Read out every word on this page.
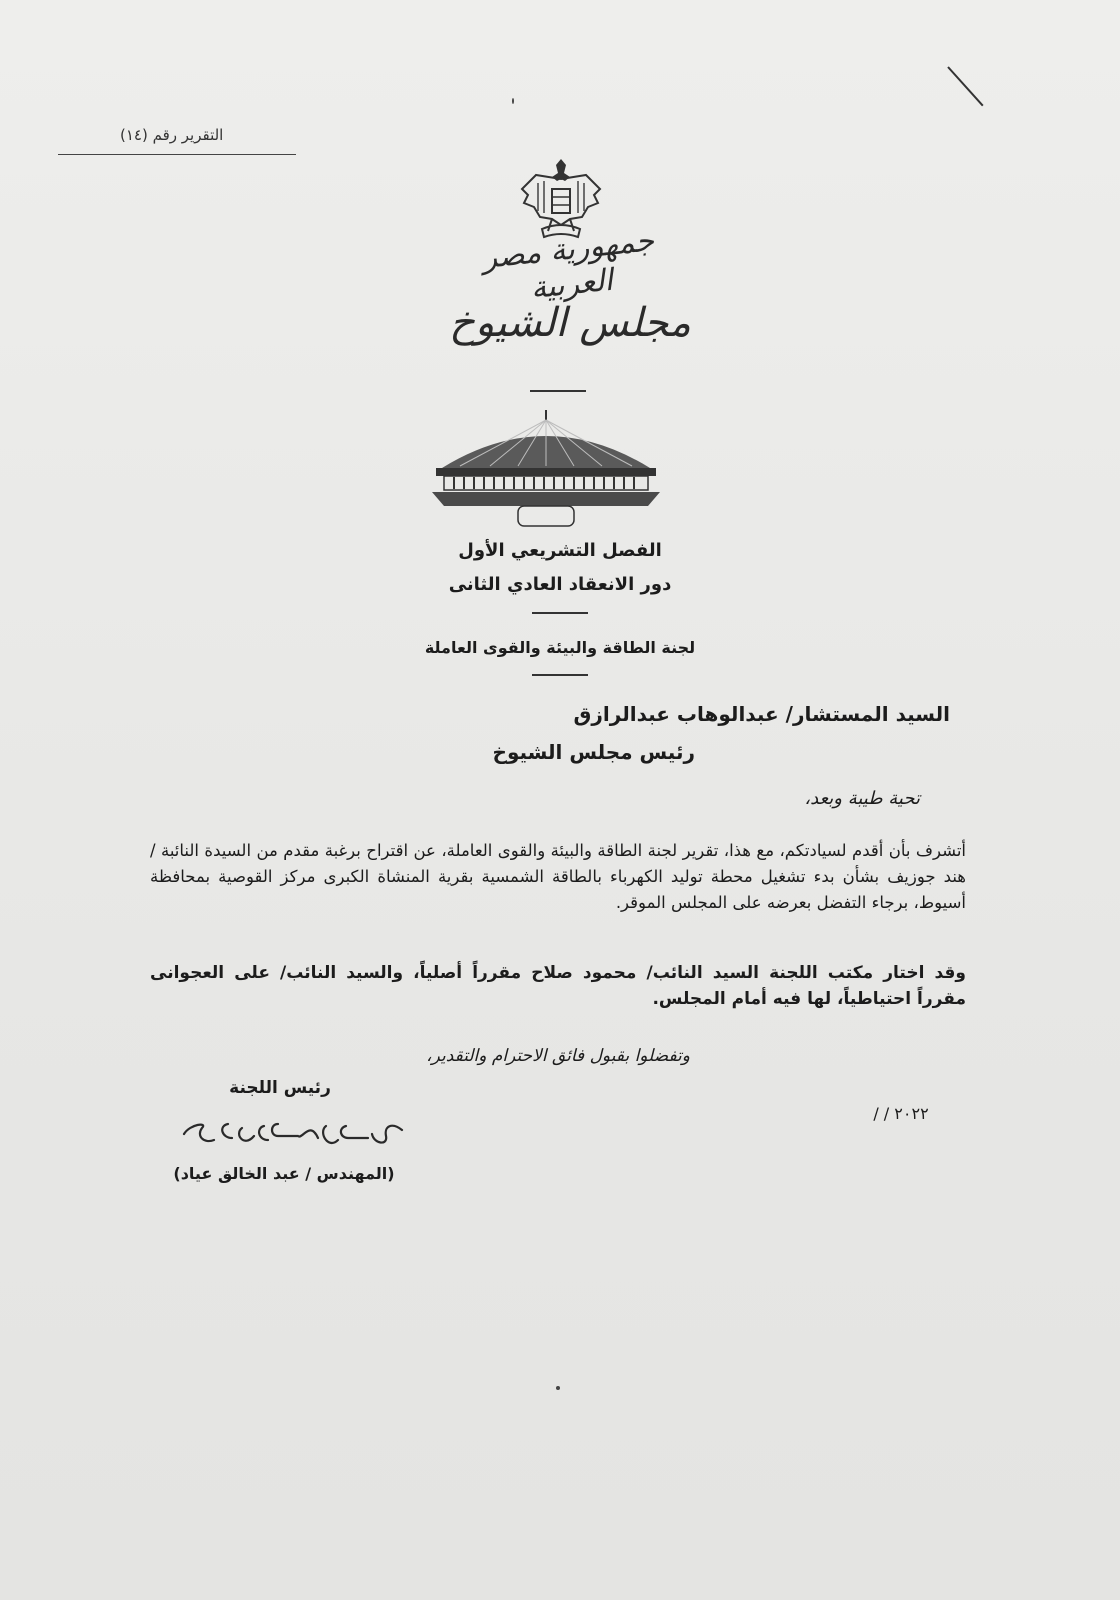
التقرير رقم (١٤)
جمهورية مصر العربية
مجلس الشيوخ
الفصل التشريعي الأول
دور الانعقاد العادي الثانى
لجنة الطاقة والبيئة والقوى العاملة
السيد المستشار/ عبدالوهاب عبدالرازق
رئيس مجلس الشيوخ
تحية طيبة وبعد،
أتشرف بأن أقدم لسيادتكم، مع هذا، تقرير لجنة الطاقة والبيئة والقوى العاملة، عن اقتراح برغبة مقدم من السيدة النائبة / هند جوزيف بشأن بدء تشغيل محطة توليد الكهرباء بالطاقة الشمسية بقرية المنشاة الكبرى مركز القوصية بمحافظة أسيوط، برجاء التفضل بعرضه على المجلس الموقر.
وقد اختار مكتب اللجنة السيد النائب/ محمود صلاح مقرراً أصلياً، والسيد النائب/ على العجوانى مقرراً احتياطياً، لها فيه أمام المجلس.
وتفضلوا بقبول فائق الاحترام والتقدير،
رئيس اللجنة
/ / ٢٠٢٢
(المهندس / عبد الخالق عياد)
